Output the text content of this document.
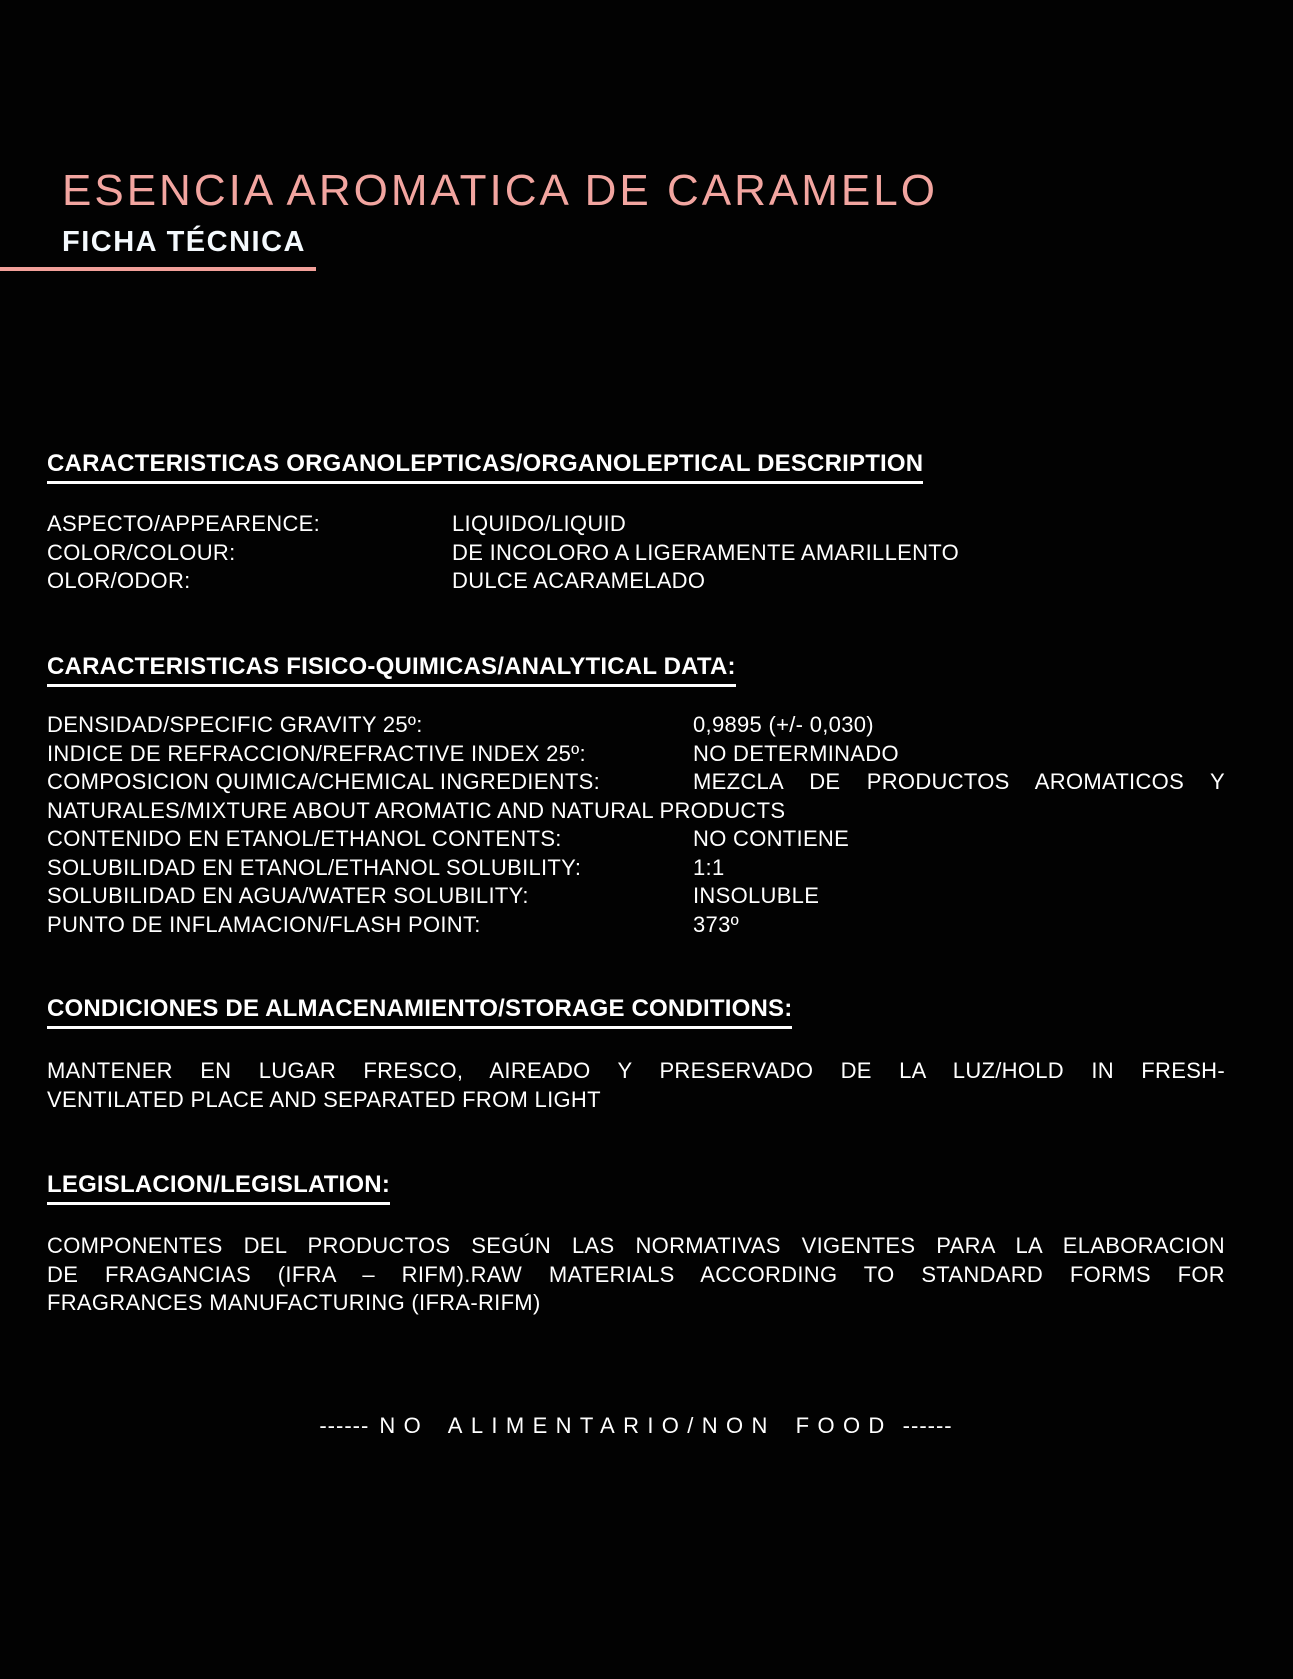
ESENCIA AROMATICA DE CARAMELO
FICHA TÉCNICA
CARACTERISTICAS ORGANOLEPTICAS/ORGANOLEPTICAL DESCRIPTION
ASPECTO/APPEARENCE:	LIQUIDO/LIQUID
COLOR/COLOUR:	DE INCOLORO A LIGERAMENTE AMARILLENTO
OLOR/ODOR:	DULCE ACARAMELADO
CARACTERISTICAS FISICO-QUIMICAS/ANALYTICAL DATA:
DENSIDAD/SPECIFIC GRAVITY 25º:	0,9895 (+/- 0,030)
INDICE DE REFRACCION/REFRACTIVE INDEX 25º:	NO DETERMINADO
COMPOSICION QUIMICA/CHEMICAL INGREDIENTS:	MEZCLA DE PRODUCTOS AROMATICOS Y
NATURALES/MIXTURE ABOUT AROMATIC AND NATURAL PRODUCTS
CONTENIDO EN ETANOL/ETHANOL CONTENTS:	NO CONTIENE
SOLUBILIDAD EN ETANOL/ETHANOL SOLUBILITY:	1:1
SOLUBILIDAD EN AGUA/WATER SOLUBILITY:	INSOLUBLE
PUNTO DE INFLAMACION/FLASH POINT:	373º
CONDICIONES DE ALMACENAMIENTO/STORAGE CONDITIONS:
MANTENER EN LUGAR FRESCO, AIREADO Y PRESERVADO DE LA LUZ/HOLD IN FRESH-
VENTILATED PLACE AND SEPARATED FROM LIGHT
LEGISLACION/LEGISLATION:
COMPONENTES DEL PRODUCTOS SEGÚN LAS NORMATIVAS VIGENTES PARA LA ELABORACION
DE FRAGANCIAS (IFRA – RIFM).RAW MATERIALS ACCORDING TO STANDARD FORMS FOR
FRAGRANCES MANUFACTURING (IFRA-RIFM)
------ NO ALIMENTARIO/NON FOOD ------
